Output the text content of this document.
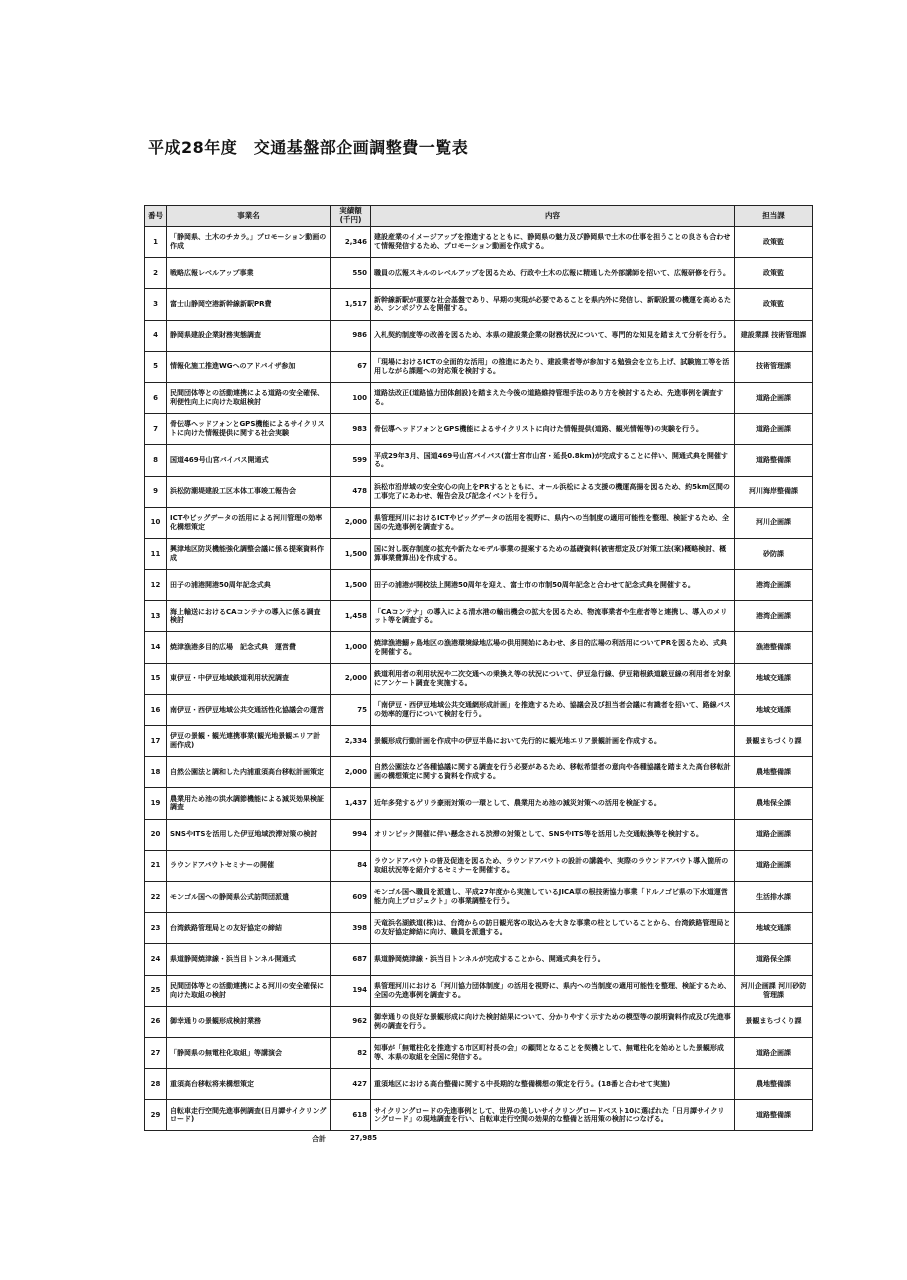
平成28年度　交通基盤部企画調整費一覧表
番号	事業名	実績額(千円)	内容	担当課
1	「静岡県、土木のチカラ。」プロモーション動画の作成	2,346	建設産業のイメージアップを推進するとともに、静岡県の魅力及び静岡県で土木の仕事を担うことの良さも合わせて情報発信するため、プロモーション動画を作成する。	政策監
2	戦略広報レベルアップ事業	550	職員の広報スキルのレベルアップを図るため、行政や土木の広報に精通した外部講師を招いて、広報研修を行う。	政策監
3	富士山静岡空港新幹線新駅PR費	1,517	新幹線新駅が重要な社会基盤であり、早期の実現が必要であることを県内外に発信し、新駅設置の機運を高めるため、シンポジウムを開催する。	政策監
4	静岡県建設企業財務実態調査	986	入札契約制度等の改善を図るため、本県の建設業企業の財務状況について、専門的な知見を踏まえて分析を行う。	建設業課 技術管理課
5	情報化施工推進WGへのアドバイザ参加	67	「現場におけるICTの全面的な活用」の推進にあたり、建設業者等が参加する勉強会を立ち上げ、試験施工等を活用しながら課題への対応策を検討する。	技術管理課
6	民間団体等との活動連携による道路の安全確保、利便性向上に向けた取組検討	100	道路法改正(道路協力団体創設)を踏まえた今後の道路維持管理手法のあり方を検討するため、先進事例を調査する。	道路企画課
7	骨伝導ヘッドフォンとGPS機能によるサイクリストに向けた情報提供に関する社会実験	983	骨伝導ヘッドフォンとGPS機能によるサイクリストに向けた情報提供(道路、観光情報等)の実験を行う。	道路企画課
8	国道469号山宮バイパス開通式	599	平成29年3月、国道469号山宮バイパス(富士宮市山宮・延長0.8km)が完成することに伴い、開通式典を開催する。	道路整備課
9	浜松防潮堤建設工区本体工事竣工報告会	478	浜松市沿岸域の安全安心の向上をPRするとともに、オール浜松による支援の機運高揚を図るため、約5km区間の工事完了にあわせ、報告会及び記念イベントを行う。	河川海岸整備課
10	ICTやビッグデータの活用による河川管理の効率化構想策定	2,000	県管理河川におけるICTやビッグデータの活用を視野に、県内への当制度の適用可能性を整理、検証するため、全国の先進事例を調査する。	河川企画課
11	興津地区防災機能強化調整会議に係る提案資料作成	1,500	国に対し既存制度の拡充や新たなモデル事業の提案するための基礎資料(被害想定及び対策工法(案)概略検討、概算事業費算出)を作成する。	砂防課
12	田子の浦港開港50周年記念式典	1,500	田子の浦港が開校法上開港50周年を迎え、富士市の市制50周年記念と合わせて記念式典を開催する。	港湾企画課
13	海上輸送におけるCAコンテナの導入に係る調査検討	1,458	「CAコンテナ」の導入による清水港の輸出機会の拡大を図るため、物流事業者や生産者等と連携し、導入のメリット等を調査する。	港湾企画課
14	焼津漁港多目的広場　記念式典　運営費	1,000	焼津漁港鰯ヶ島地区の漁港環境緑地広場の供用開始にあわせ、多目的広場の利活用についてPRを図るため、式典を開催する。	漁港整備課
15	東伊豆・中伊豆地域鉄道利用状況調査	2,000	鉄道利用者の利用状況や二次交通への乗換え等の状況について、伊豆急行線、伊豆箱根鉄道駿豆線の利用者を対象にアンケート調査を実施する。	地域交通課
16	南伊豆・西伊豆地域公共交通活性化協議会の運営	75	「南伊豆・西伊豆地域公共交通網形成計画」を推進するため、協議会及び担当者会議に有識者を招いて、路線バスの効率的運行について検討を行う。	地域交通課
17	伊豆の景観・観光連携事業(観光地景観エリア計画作成)	2,334	景観形成行動計画を作成中の伊豆半島において先行的に観光地エリア景観計画を作成する。	景観まちづくり課
18	自然公園法と調和した内浦重須高台移転計画策定	2,000	自然公園法など各種協議に関する調査を行う必要があるため、移転希望者の意向や各種協議を踏まえた高台移転計画の構想策定に関する資料を作成する。	農地整備課
19	農業用ため池の洪水調節機能による減災効果検証調査	1,437	近年多発するゲリラ豪雨対策の一環として、農業用ため池の減災対策への活用を検証する。	農地保全課
20	SNSやITSを活用した伊豆地域渋滞対策の検討	994	オリンピック開催に伴い懸念される渋滞の対策として、SNSやITS等を活用した交通転換等を検討する。	道路企画課
21	ラウンドアバウトセミナーの開催	84	ラウンドアバウトの普及促進を図るため、ラウンドアバウトの設計の講義や、実際のラウンドアバウト導入箇所の取組状況等を紹介するセミナーを開催する。	道路企画課
22	モンゴル国への静岡県公式訪問団派遣	609	モンゴル国へ職員を派遣し、平成27年度から実施しているJICA草の根技術協力事業「ドルノゴビ県の下水道運営能力向上プロジェクト」の事業調整を行う。	生活排水課
23	台湾鉄路管理局との友好協定の締結	398	天竜浜名湖鉄道(株)は、台湾からの訪日観光客の取込みを大きな事業の柱としていることから、台湾鉄路管理局との友好協定締結に向け、職員を派遣する。	地域交通課
24	県道静岡焼津線・浜当目トンネル開通式	687	県道静岡焼津線・浜当目トンネルが完成することから、開通式典を行う。	道路保全課
25	民間団体等との活動連携による河川の安全確保に向けた取組の検討	194	県管理河川における「河川協力団体制度」の活用を視野に、県内への当制度の適用可能性を整理、検証するため、全国の先進事例を調査する。	河川企画課 河川砂防管理課
26	御幸通りの景観形成検討業務	962	御幸通りの良好な景観形成に向けた検討結果について、分かりやすく示すための模型等の説明資料作成及び先進事例の調査を行う。	景観まちづくり課
27	「静岡県の無電柱化取組」等講演会	82	知事が「無電柱化を推進する市区町村長の会」の顧問となることを契機として、無電柱化を始めとした景観形成等、本県の取組を全国に発信する。	道路企画課
28	重須高台移転将来構想策定	427	重須地区における高台整備に関する中長期的な整備構想の策定を行う。(18番と合わせて実施)	農地整備課
29	自転車走行空間先進事例調査(日月譚サイクリングロード)	618	サイクリングロードの先進事例として、世界の美しいサイクリングロードベスト10に選ばれた「日月譚サイクリングロード」の現地調査を行い、自転車走行空間の効果的な整備と活用策の検討につなげる。	道路整備課
合計	27,985
